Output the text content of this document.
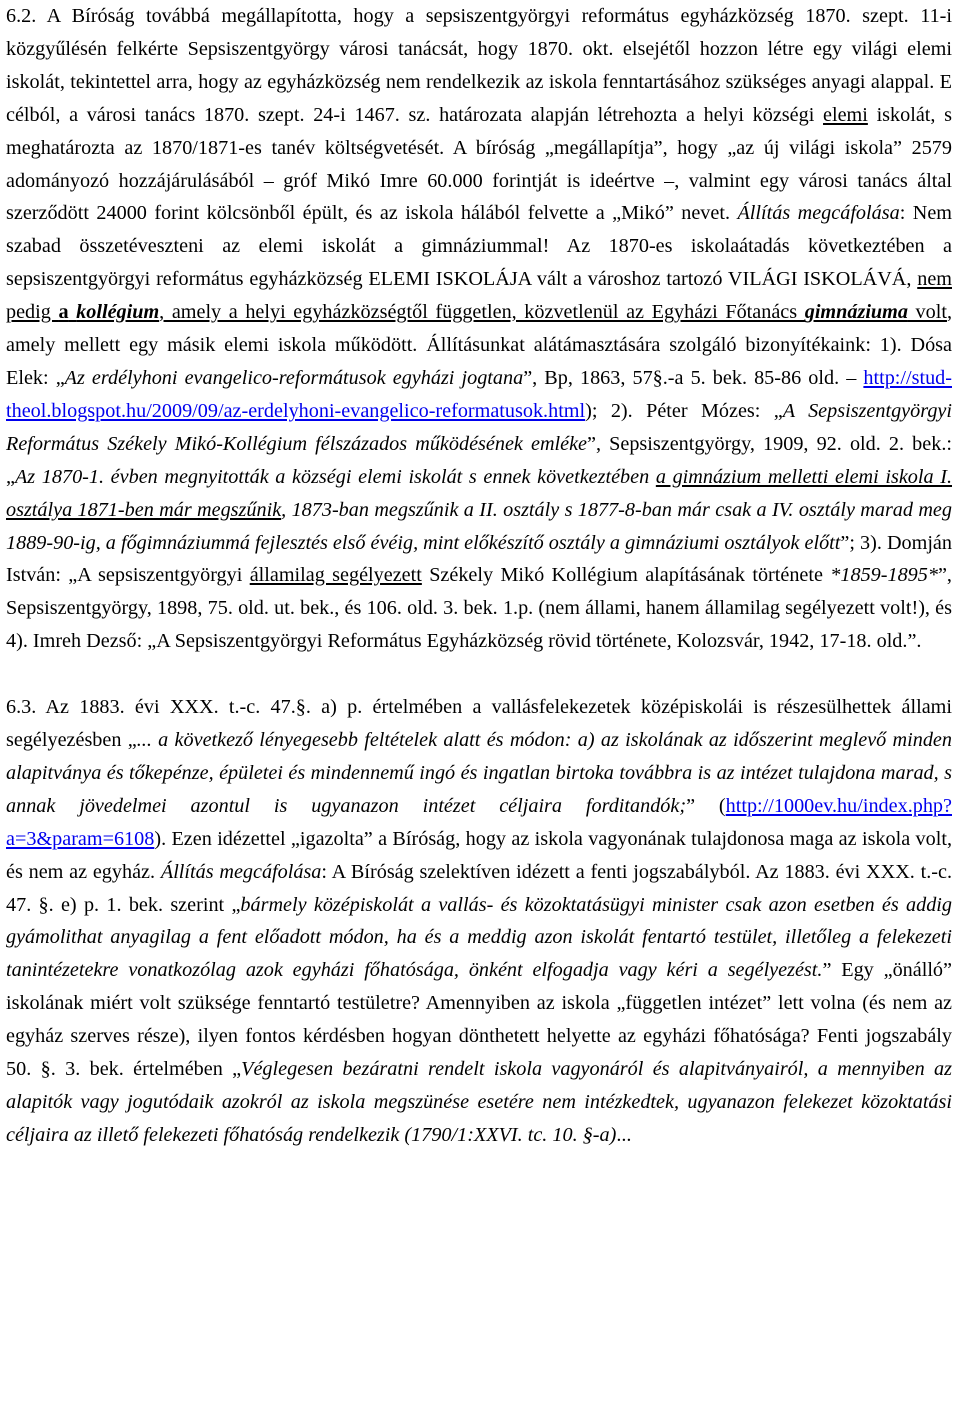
6.2. A Bíróság továbbá megállapította, hogy a sepsiszentgyörgyi református egyházközség 1870. szept. 11-i közgyűlésén felkérte Sepsiszentgyörgy városi tanácsát, hogy 1870. okt. elsejétől hozzon létre egy világi elemi iskolát, tekintettel arra, hogy az egyházközség nem rendelkezik az iskola fenntartásához szükséges anyagi alappal. E célból, a városi tanács 1870. szept. 24-i 1467. sz. határozata alapján létrehozta a helyi községi elemi iskolát, s meghatározta az 1870/1871-es tanév költségvetését. A bíróság „megállapítja”, hogy „az új világi iskola” 2579 adományozó hozzájárulásából – gróf Mikó Imre 60.000 forintját is ideértve –, valmint egy városi tanács által szerződött 24000 forint kölcsönből épült, és az iskola hálából felvette a „Mikó” nevet. Állítás megcáfolása: Nem szabad összetéveszteni az elemi iskolát a gimnáziummal! Az 1870-es iskolaátadás következtében a sepsiszentgyörgyi református egyházközség ELEMI ISKOLÁJA vált a városhoz tartozó VILÁGI ISKOLÁVÁ, nem pedig a kollégium, amely a helyi egyházközségtől független, közvetlenül az Egyházi Főtanács gimnáziuma volt, amely mellett egy másik elemi iskola működött. Állításunkat alátámasztására szolgáló bizonyítékaink: 1). Dósa Elek: „Az erdélyhoni evangelico-reformátusok egyházi jogtana”, Bp, 1863, 57§.-a 5. bek. 85-86 old. – http://stud-theol.blogspot.hu/2009/09/az-erdelyhoni-evangelico-reformatusok.html); 2). Péter Mózes: „A Sepsiszentgyörgyi Református Székely Mikó-Kollégium félszázados működésének emléke”, Sepsiszentgyörgy, 1909, 92. old. 2. bek.: „Az 1870-1. évben megnyitották a községi elemi iskolát s ennek következtében a gimnázium melletti elemi iskola I. osztálya 1871-ben már megszűnik, 1873-ban megszűnik a II. osztály s 1877-8-ban már csak a IV. osztály marad meg 1889-90-ig, a főgimnáziummá fejlesztés első évéig, mint előkészítő osztály a gimnáziumi osztályok előtt”; 3). Domján István: „A sepsiszentgyörgyi államilag segélyezett Székely Mikó Kollégium alapításának története *1859-1895*”, Sepsiszentgyörgy, 1898, 75. old. ut. bek., és 106. old. 3. bek. 1.p. (nem állami, hanem államilag segélyezett volt!), és 4). Imreh Dezső: „A Sepsiszentgyörgyi Református Egyházközség rövid története, Kolozsvár, 1942, 17-18. old.”.

6.3. Az 1883. évi XXX. t.-c. 47.§. a) p. értelmében a vallásfelekezetek középiskolái is részesülhettek állami segélyezésben „... a következő lényegesebb feltételek alatt és módon: a) az iskolának az időszerint meglevő minden alapitványa és tőkepénze, épületei és mindennemű ingó és ingatlan birtoka továbbra is az intézet tulajdona marad, s annak jövedelmei azontul is ugyanazon intézet céljaira forditandók;” (http://1000ev.hu/index.php?a=3&param=6108). Ezen idézettel „igazolta” a Bíróság, hogy az iskola vagyonának tulajdonosa maga az iskola volt, és nem az egyház. Állítás megcáfolása: A Bíróság szelektíven idézett a fenti jogszabályból. Az 1883. évi XXX. t.-c. 47. §. e) p. 1. bek. szerint „bármely középiskolát a vallás- és közoktatásügyi minister csak azon esetben és addig gyámolithat anyagilag a fent előadott módon, ha és a meddig azon iskolát fentartó testület, illetőleg a felekezeti tanintézetekre vonatkozólag azok egyházi főhatósága, önként elfogadja vagy kéri a segélyezést.” Egy „önálló” iskolának miért volt szüksége fenntartó testületre? Amennyiben az iskola „független intézet” lett volna (és nem az egyház szerves része), ilyen fontos kérdésben hogyan dönthetett helyette az egyházi főhatósága? Fenti jogszabály 50. §. 3. bek. értelmében „Véglegesen bezáratni rendelt iskola vagyonáról és alapitványairól, a mennyiben az alapitók vagy jogutódaik azokról az iskola megszünése esetére nem intézkedtek, ugyanazon felekezet közoktatási céljaira az illető felekezeti főhatóság rendelkezik (1790/1:XXVI. tc. 10. §-a)...
